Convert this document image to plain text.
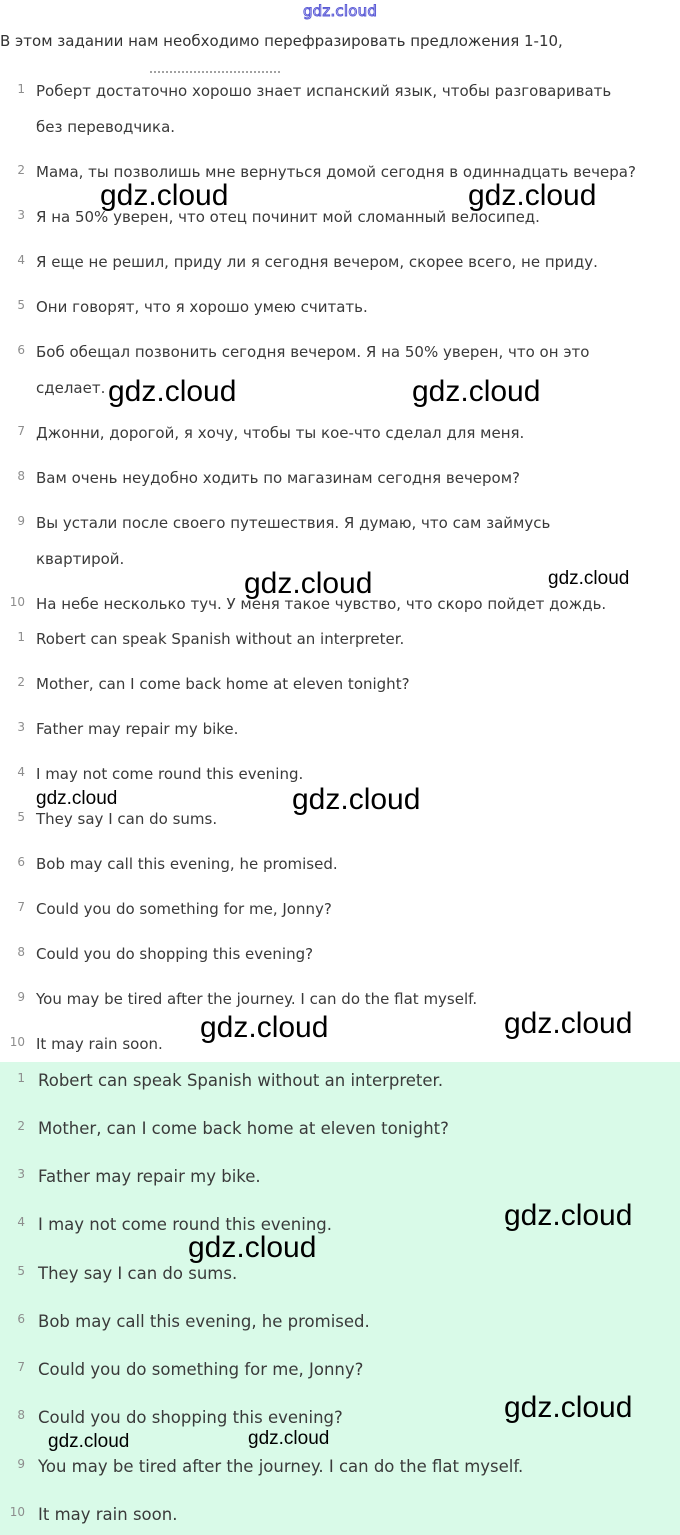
gdz.cloud
В этом задании нам необходимо перефразировать предложения 1-10,
1 Роберт достаточно хорошо знает испанский язык, чтобы разговаривать
без переводчика.
2 Мама, ты позволишь мне вернуться домой сегодня в одиннадцать вечера?
3 Я на 50% уверен, что отец починит мой сломанный велосипед.
4 Я еще не решил, приду ли я сегодня вечером, скорее всего, не приду.
5 Они говорят, что я хорошо умею считать.
6 Боб обещал позвонить сегодня вечером. Я на 50% уверен, что он это
сделает.
7 Джонни, дорогой, я хочу, чтобы ты кое-что сделал для меня.
8 Вам очень неудобно ходить по магазинам сегодня вечером?
9 Вы устали после своего путешествия. Я думаю, что сам займусь
квартирой.
10 На небе несколько туч. У меня такое чувство, что скоро пойдет дождь.
1 Robert can speak Spanish without an interpreter.
2 Mother, can I come back home at eleven tonight?
3 Father may repair my bike.
4 I may not come round this evening.
5 They say I can do sums.
6 Bob may call this evening, he promised.
7 Could you do something for me, Jonny?
8 Could you do shopping this evening?
9 You may be tired after the journey. I can do the flat myself.
10 It may rain soon.
1 Robert can speak Spanish without an interpreter.
2 Mother, can I come back home at eleven tonight?
3 Father may repair my bike.
4 I may not come round this evening.
5 They say I can do sums.
6 Bob may call this evening, he promised.
7 Could you do something for me, Jonny?
8 Could you do shopping this evening?
9 You may be tired after the journey. I can do the flat myself.
10 It may rain soon.
gdz.cloud	gdz.cloud
gdz.cloud	gdz.cloud
gdz.cloud	gdz.cloud
gdz.cloud	gdz.cloud
gdz.cloud	gdz.cloud
gdz.cloud
gdz.cloud
gdz.cloud
gdz.cloud	gdz.cloud
